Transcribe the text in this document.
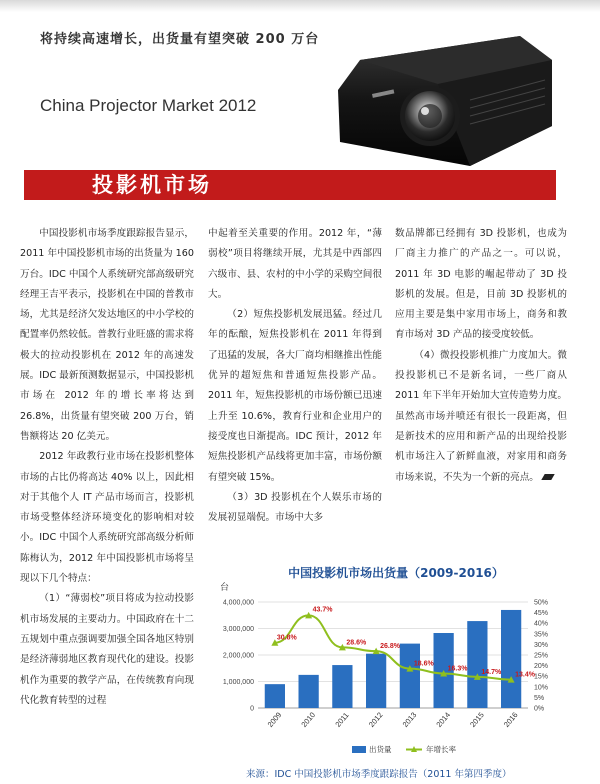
将持续高速增长，出货量有望突破 200 万台
China Projector Market 2012
投影机市场

中国投影机市场季度跟踪报告显示，2011 年中国投影机市场的出货量为 160 万台。IDC 中国个人系统研究部高级研究经理王吉平表示，投影机在中国的普教市场，尤其是经济欠发达地区的中小学校的配置率仍然较低。普教行业旺盛的需求将极大的拉动投影机在 2012 年的高速发展。IDC 最新预测数据显示，中国投影机市场在 2012 年的增长率将达到 26.8%，出货量有望突破 200 万台，销售额将达 20 亿美元。

2012 年政教行业市场在投影机整体市场的占比仍将高达 40% 以上，因此相对于其他个人 IT 产品市场而言，投影机市场受整体经济环境变化的影响相对较小。IDC 中国个人系统研究部高级分析师陈梅认为，2012 年中国投影机市场将呈现以下几个特点：

（1）“薄弱校”项目将成为拉动投影机市场发展的主要动力。中国政府在十二五规划中重点强调要加强全国各地区特别是经济薄弱地区教育现代化的建设。投影机作为重要的教学产品，在传统教育向现代化教育转型的过程

中起着至关重要的作用。2012 年，“薄弱校”项目将继续开展，尤其是中西部四六级市、县、农村的中小学的采购空间很大。

（2）短焦投影机发展迅猛。经过几年的酝酿，短焦投影机在 2011 年得到了迅猛的发展，各大厂商均相继推出性能优异的超短焦和普通短焦投影产品。2011 年，短焦投影机的市场份额已迅速上升至 10.6%，教育行业和企业用户的接受度也日渐提高。IDC 预计，2012 年短焦投影机产品线将更加丰富，市场份额有望突破 15%。

（3）3D 投影机在个人娱乐市场的发展初显端倪。市场中大多

数品牌都已经拥有 3D 投影机，也成为厂商主力推广的产品之一。可以说，2011 年 3D 电影的崛起带动了 3D 投影机的发展。但是，目前 3D 投影机的应用主要是集中家用市场上，商务和教育市场对 3D 产品的接受度较低。

（4）微投投影机推广力度加大。微投投影机已不是新名词，一些厂商从 2011 年下半年开始加大宣传造势力度。虽然高市场并喷还有很长一段距离，但是新技术的应用和新产品的出现给投影机市场注入了新鲜血液，对家用和商务市场来说，不失为一个新的亮点。

0
1,000,000
2,000,000
3,000,000
4,000,000
0%
5%
10%
15%
20%
25%
30%
35%
40%
45%
50%
2009 2010 2011 2012 2013 2014 2015 2016
30.8%
43.7%
28.6%
26.8%
18.6%
16.3% 14.7% 13.4%
出货量	年增长率
中国投影机市场出货量（2009-2016）
台
来源：IDC 中国投影机市场季度跟踪报告（2011 年第四季度）
